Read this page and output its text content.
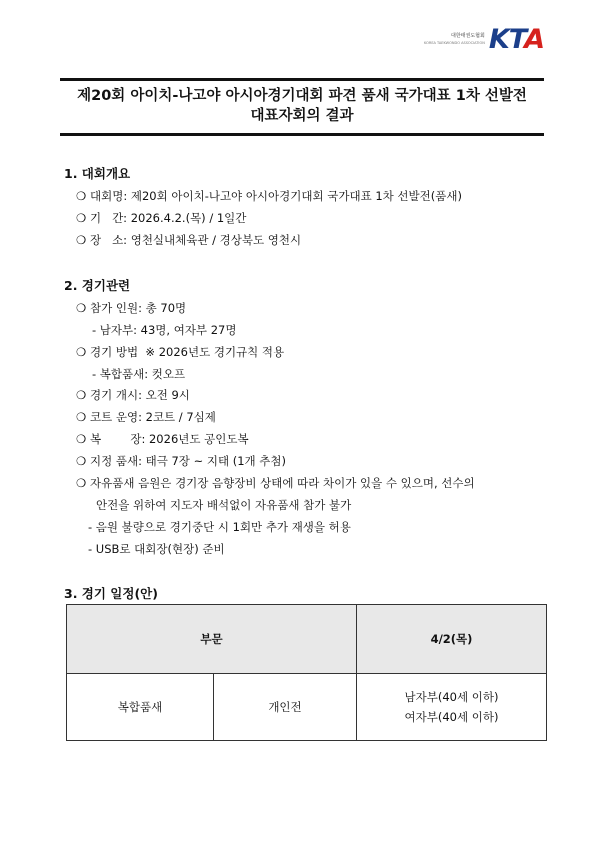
대한태권도협회
KOREA TAEKWONDO ASSOCIATION KTA
제20회 아이치-나고야 아시아경기대회 파견 품새 국가대표 1차 선발전
대표자회의 결과
1. 대회개요
❍ 대회명: 제20회 아이치-나고야 아시아경기대회 국가대표 1차 선발전(품새)
❍ 기   간: 2026.4.2.(목) / 1일간
❍ 장   소: 영천실내체육관 / 경상북도 영천시
2. 경기관련
❍ 참가 인원: 총 70명
- 남자부: 43명, 여자부 27명
❍ 경기 방법  ※ 2026년도 경기규칙 적용
- 복합품새: 컷오프
❍ 경기 개시: 오전 9시
❍ 코트 운영: 2코트 / 7심제
❍ 복        장: 2026년도 공인도복
❍ 지정 품새: 태극 7장 ~ 지태 (1개 추첨)
❍ 자유품새 음원은 경기장 음향장비 상태에 따라 차이가 있을 수 있으며, 선수의
안전을 위하여 지도자 배석없이 자유품새 참가 불가
- 음원 불량으로 경기중단 시 1회만 추가 재생을 허용
- USB로 대회장(현장) 준비
3. 경기 일정(안)
부문		4/2(목)
복합품새	개인전	남자부(40세 이하)
여자부(40세 이하)
